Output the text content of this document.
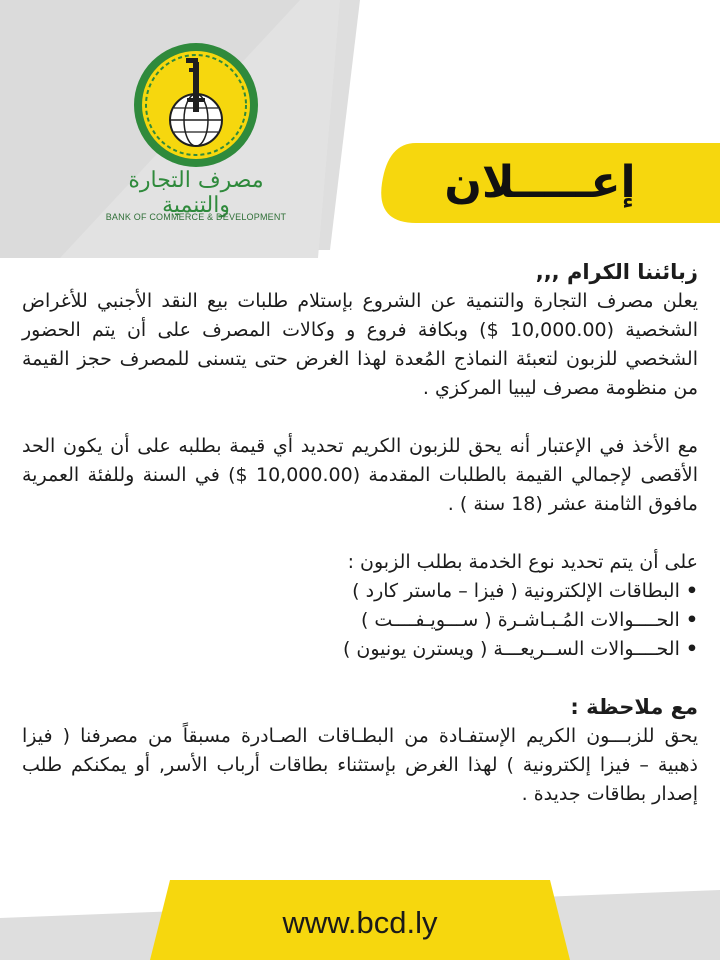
مصرف التجارة والتنمية
BANK OF COMMERCE & DEVELOPMENT
إعـــــلان

زبائننا الكرام ,,,

يعلن مصرف التجارة والتنمية عن الشروع بإستلام طلبات بيع النقد الأجنبي للأغراض الشخصية (10,000.00 $) وبكافة فروع و وكالات المصرف على أن يتم الحضور الشخصي للزبون لتعبئة النماذج المُعدة لهذا الغرض حتى يتسنى للمصرف حجز القيمة من منظومة مصرف ليبيا المركزي .

مع الأخذ في الإعتبار أنه يحق للزبون الكريم تحديد أي قيمة بطلبه على أن يكون الحد الأقصى لإجمالي القيمة بالطلبات المقدمة (10,000.00 $) في السنة وللفئة العمرية مافوق الثامنة عشر (18 سنة ) .

على أن يتم تحديد نوع الخدمة بطلب الزبون :

•البطاقات الإلكترونية ( فيزا – ماستر كارد )
•الحــــوالات المُـبـاشـرة ( ســـويـفــــت )
•الحــــوالات الســريعـــة ( ويسترن يونيون )

مع ملاحظة :

يحق للزبـــون الكريم الإستفـادة من البطـاقات الصـادرة مسبقاً من مصرفنا ( فيزا ذهبية – فيزا إلكترونية ) لهذا الغرض بإستثناء بطاقات أرباب الأسر, أو يمكنكم طلب إصدار بطاقات جديدة .

www.bcd.ly
